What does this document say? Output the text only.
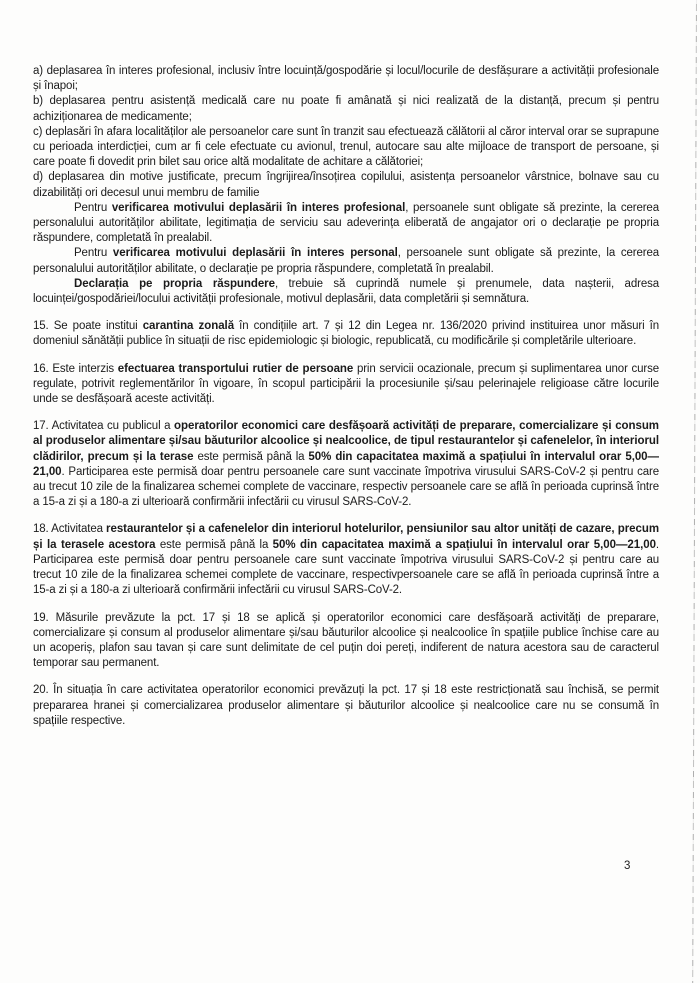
a) deplasarea în interes profesional, inclusiv între locuință/gospodărie și locul/locurile de desfășurare a activității profesionale și înapoi;

b) deplasarea pentru asistență medicală care nu poate fi amânată și nici realizată de la distanță, precum și pentru achiziționarea de medicamente;

c) deplasări în afara localităților ale persoanelor care sunt în tranzit sau efectuează călătorii al căror interval orar se suprapune cu perioada interdicției, cum ar fi cele efectuate cu avionul, trenul, autocare sau alte mijloace de transport de persoane, și care poate fi dovedit prin bilet sau orice altă modalitate de achitare a călătoriei;

d) deplasarea din motive justificate, precum îngrijirea/însoțirea copilului, asistența persoanelor vârstnice, bolnave sau cu dizabilități ori decesul unui membru de familie

Pentru verificarea motivului deplasării în interes profesional, persoanele sunt obligate să prezinte, la cererea personalului autorităților abilitate, legitimația de serviciu sau adeverința eliberată de angajator ori o declarație pe propria răspundere, completată în prealabil.

Pentru verificarea motivului deplasării în interes personal, persoanele sunt obligate să prezinte, la cererea personalului autorităților abilitate, o declarație pe propria răspundere, completată în prealabil.

Declarația pe propria răspundere, trebuie să cuprindă numele și prenumele, data nașterii, adresa locuinței/gospodăriei/locului activității profesionale, motivul deplasării, data completării și semnătura.

15. Se poate institui carantina zonală în condițiile art. 7 și 12 din Legea nr. 136/2020 privind instituirea unor măsuri în domeniul sănătății publice în situații de risc epidemiologic și biologic, republicată, cu modificările și completările ulterioare.

16. Este interzis efectuarea transportului rutier de persoane prin servicii ocazionale, precum și suplimentarea unor curse regulate, potrivit reglementărilor în vigoare, în scopul participării la procesiunile și/sau pelerinajele religioase către locurile unde se desfășoară aceste activități.

17. Activitatea cu publicul a operatorilor economici care desfășoară activități de preparare, comercializare și consum al produselor alimentare și/sau băuturilor alcoolice și nealcoolice, de tipul restaurantelor și cafenelelor, în interiorul clădirilor, precum și la terase este permisă până la 50% din capacitatea maximă a spațiului în intervalul orar 5,00—21,00. Participarea este permisă doar pentru persoanele care sunt vaccinate împotriva virusului SARS-CoV-2 și pentru care au trecut 10 zile de la finalizarea schemei complete de vaccinare, respectiv persoanele care se află în perioada cuprinsă între a 15-a zi și a 180-a zi ulterioară confirmării infectării cu virusul SARS-CoV-2.

18. Activitatea restaurantelor și a cafenelelor din interiorul hotelurilor, pensiunilor sau altor unități de cazare, precum și la terasele acestora este permisă până la 50% din capacitatea maximă a spațiului în intervalul orar 5,00—21,00. Participarea este permisă doar pentru persoanele care sunt vaccinate împotriva virusului SARS-CoV-2 și pentru care au trecut 10 zile de la finalizarea schemei complete de vaccinare, respectivpersoanele care se află în perioada cuprinsă între a 15-a zi și a 180-a zi ulterioară confirmării infectării cu virusul SARS-CoV-2.

19. Măsurile prevăzute la pct. 17 și 18 se aplică și operatorilor economici care desfășoară activități de preparare, comercializare și consum al produselor alimentare și/sau băuturilor alcoolice și nealcoolice în spațiile publice închise care au un acoperiș, plafon sau tavan și care sunt delimitate de cel puțin doi pereți, indiferent de natura acestora sau de caracterul temporar sau permanent.

20. În situația în care activitatea operatorilor economici prevăzuți la pct. 17 și 18 este restricționată sau închisă, se permit prepararea hranei și comercializarea produselor alimentare și băuturilor alcoolice și nealcoolice care nu se consumă în spațiile respective.

3
